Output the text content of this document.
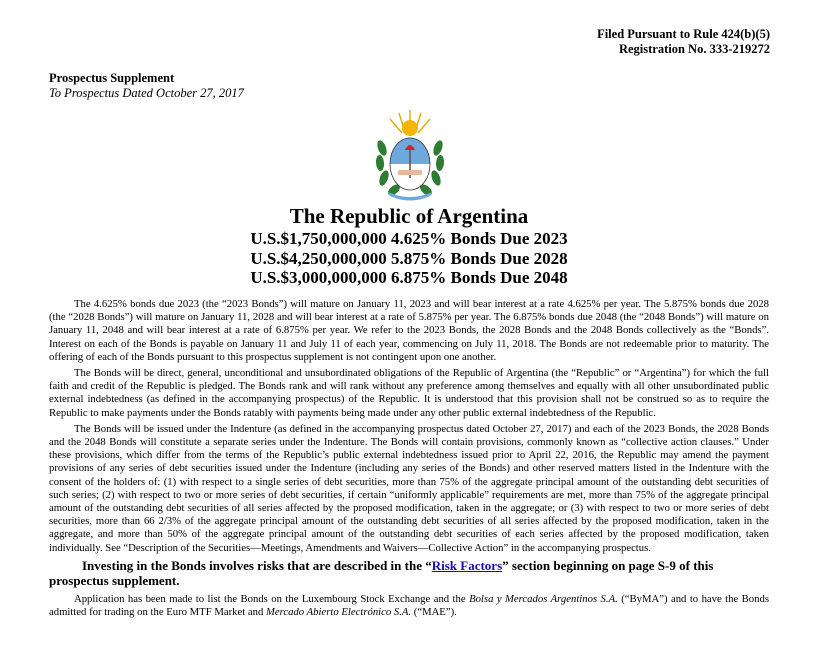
Filed Pursuant to Rule 424(b)(5)
Registration No. 333-219272
Prospectus Supplement
To Prospectus Dated October 27, 2017
The Republic of Argentina
U.S.$1,750,000,000 4.625% Bonds Due 2023
U.S.$4,250,000,000 5.875% Bonds Due 2028
U.S.$3,000,000,000 6.875% Bonds Due 2048

The 4.625% bonds due 2023 (the “2023 Bonds”) will mature on January 11, 2023 and will bear interest at a rate 4.625% per year. The 5.875% bonds due 2028 (the “2028 Bonds”) will mature on January 11, 2028 and will bear interest at a rate of 5.875% per year. The 6.875% bonds due 2048 (the “2048 Bonds”) will mature on January 11, 2048 and will bear interest at a rate of 6.875% per year. We refer to the 2023 Bonds, the 2028 Bonds and the 2048 Bonds collectively as the “Bonds”. Interest on each of the Bonds is payable on January 11 and July 11 of each year, commencing on July 11, 2018. The Bonds are not redeemable prior to maturity. The offering of each of the Bonds pursuant to this prospectus supplement is not contingent upon one another.

The Bonds will be direct, general, unconditional and unsubordinated obligations of the Republic of Argentina (the “Republic” or “Argentina”) for which the full faith and credit of the Republic is pledged. The Bonds rank and will rank without any preference among themselves and equally with all other unsubordinated public external indebtedness (as defined in the accompanying prospectus) of the Republic. It is understood that this provision shall not be construed so as to require the Republic to make payments under the Bonds ratably with payments being made under any other public external indebtedness of the Republic.

The Bonds will be issued under the Indenture (as defined in the accompanying prospectus dated October 27, 2017) and each of the 2023 Bonds, the 2028 Bonds and the 2048 Bonds will constitute a separate series under the Indenture. The Bonds will contain provisions, commonly known as “collective action clauses.” Under these provisions, which differ from the terms of the Republic’s public external indebtedness issued prior to April 22, 2016, the Republic may amend the payment provisions of any series of debt securities issued under the Indenture (including any series of the Bonds) and other reserved matters listed in the Indenture with the consent of the holders of: (1) with respect to a single series of debt securities, more than 75% of the aggregate principal amount of the outstanding debt securities of such series; (2) with respect to two or more series of debt securities, if certain “uniformly applicable” requirements are met, more than 75% of the aggregate principal amount of the outstanding debt securities of all series affected by the proposed modification, taken in the aggregate; or (3) with respect to two or more series of debt securities, more than 66 2/3% of the aggregate principal amount of the outstanding debt securities of all series affected by the proposed modification, taken in the aggregate, and more than 50% of the aggregate principal amount of the outstanding debt securities of each series affected by the proposed modification, taken individually. See “Description of the Securities—Meetings, Amendments and Waivers—Collective Action” in the accompanying prospectus.

Investing in the Bonds involves risks that are described in the “Risk Factors” section beginning on page S-9 of this prospectus supplement.

Application has been made to list the Bonds on the Luxembourg Stock Exchange and the Bolsa y Mercados Argentinos S.A. (“ByMA”) and to have the Bonds admitted for trading on the Euro MTF Market and Mercado Abierto Electrónico S.A. (“MAE”).
